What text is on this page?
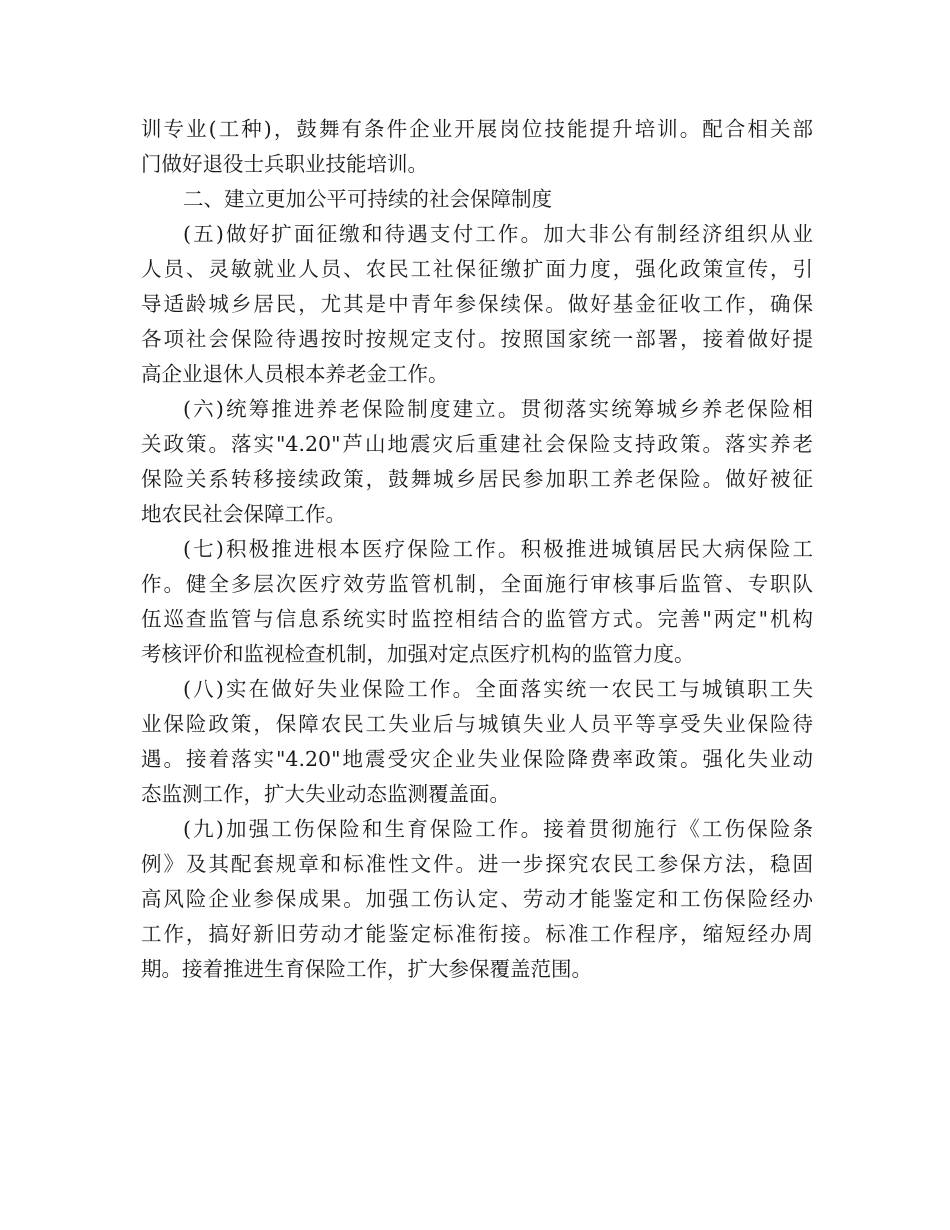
训专业(工种)，鼓舞有条件企业开展岗位技能提升培训。配合相关部
门做好退役士兵职业技能培训。
二、建立更加公平可持续的社会保障制度
(五)做好扩面征缴和待遇支付工作。加大非公有制经济组织从业
人员、灵敏就业人员、农民工社保征缴扩面力度，强化政策宣传，引
导适龄城乡居民，尤其是中青年参保续保。做好基金征收工作，确保
各项社会保险待遇按时按规定支付。按照国家统一部署，接着做好提
高企业退休人员根本养老金工作。
(六)统筹推进养老保险制度建立。贯彻落实统筹城乡养老保险相
关政策。落实"4.20"芦山地震灾后重建社会保险支持政策。落实养老
保险关系转移接续政策，鼓舞城乡居民参加职工养老保险。做好被征
地农民社会保障工作。
(七)积极推进根本医疗保险工作。积极推进城镇居民大病保险工
作。健全多层次医疗效劳监管机制，全面施行审核事后监管、专职队
伍巡查监管与信息系统实时监控相结合的监管方式。完善"两定"机构
考核评价和监视检查机制，加强对定点医疗机构的监管力度。
(八)实在做好失业保险工作。全面落实统一农民工与城镇职工失
业保险政策，保障农民工失业后与城镇失业人员平等享受失业保险待
遇。接着落实"4.20"地震受灾企业失业保险降费率政策。强化失业动
态监测工作，扩大失业动态监测覆盖面。
(九)加强工伤保险和生育保险工作。接着贯彻施行《工伤保险条
例》及其配套规章和标准性文件。进一步探究农民工参保方法，稳固
高风险企业参保成果。加强工伤认定、劳动才能鉴定和工伤保险经办
工作，搞好新旧劳动才能鉴定标准衔接。标准工作程序，缩短经办周
期。接着推进生育保险工作，扩大参保覆盖范围。
